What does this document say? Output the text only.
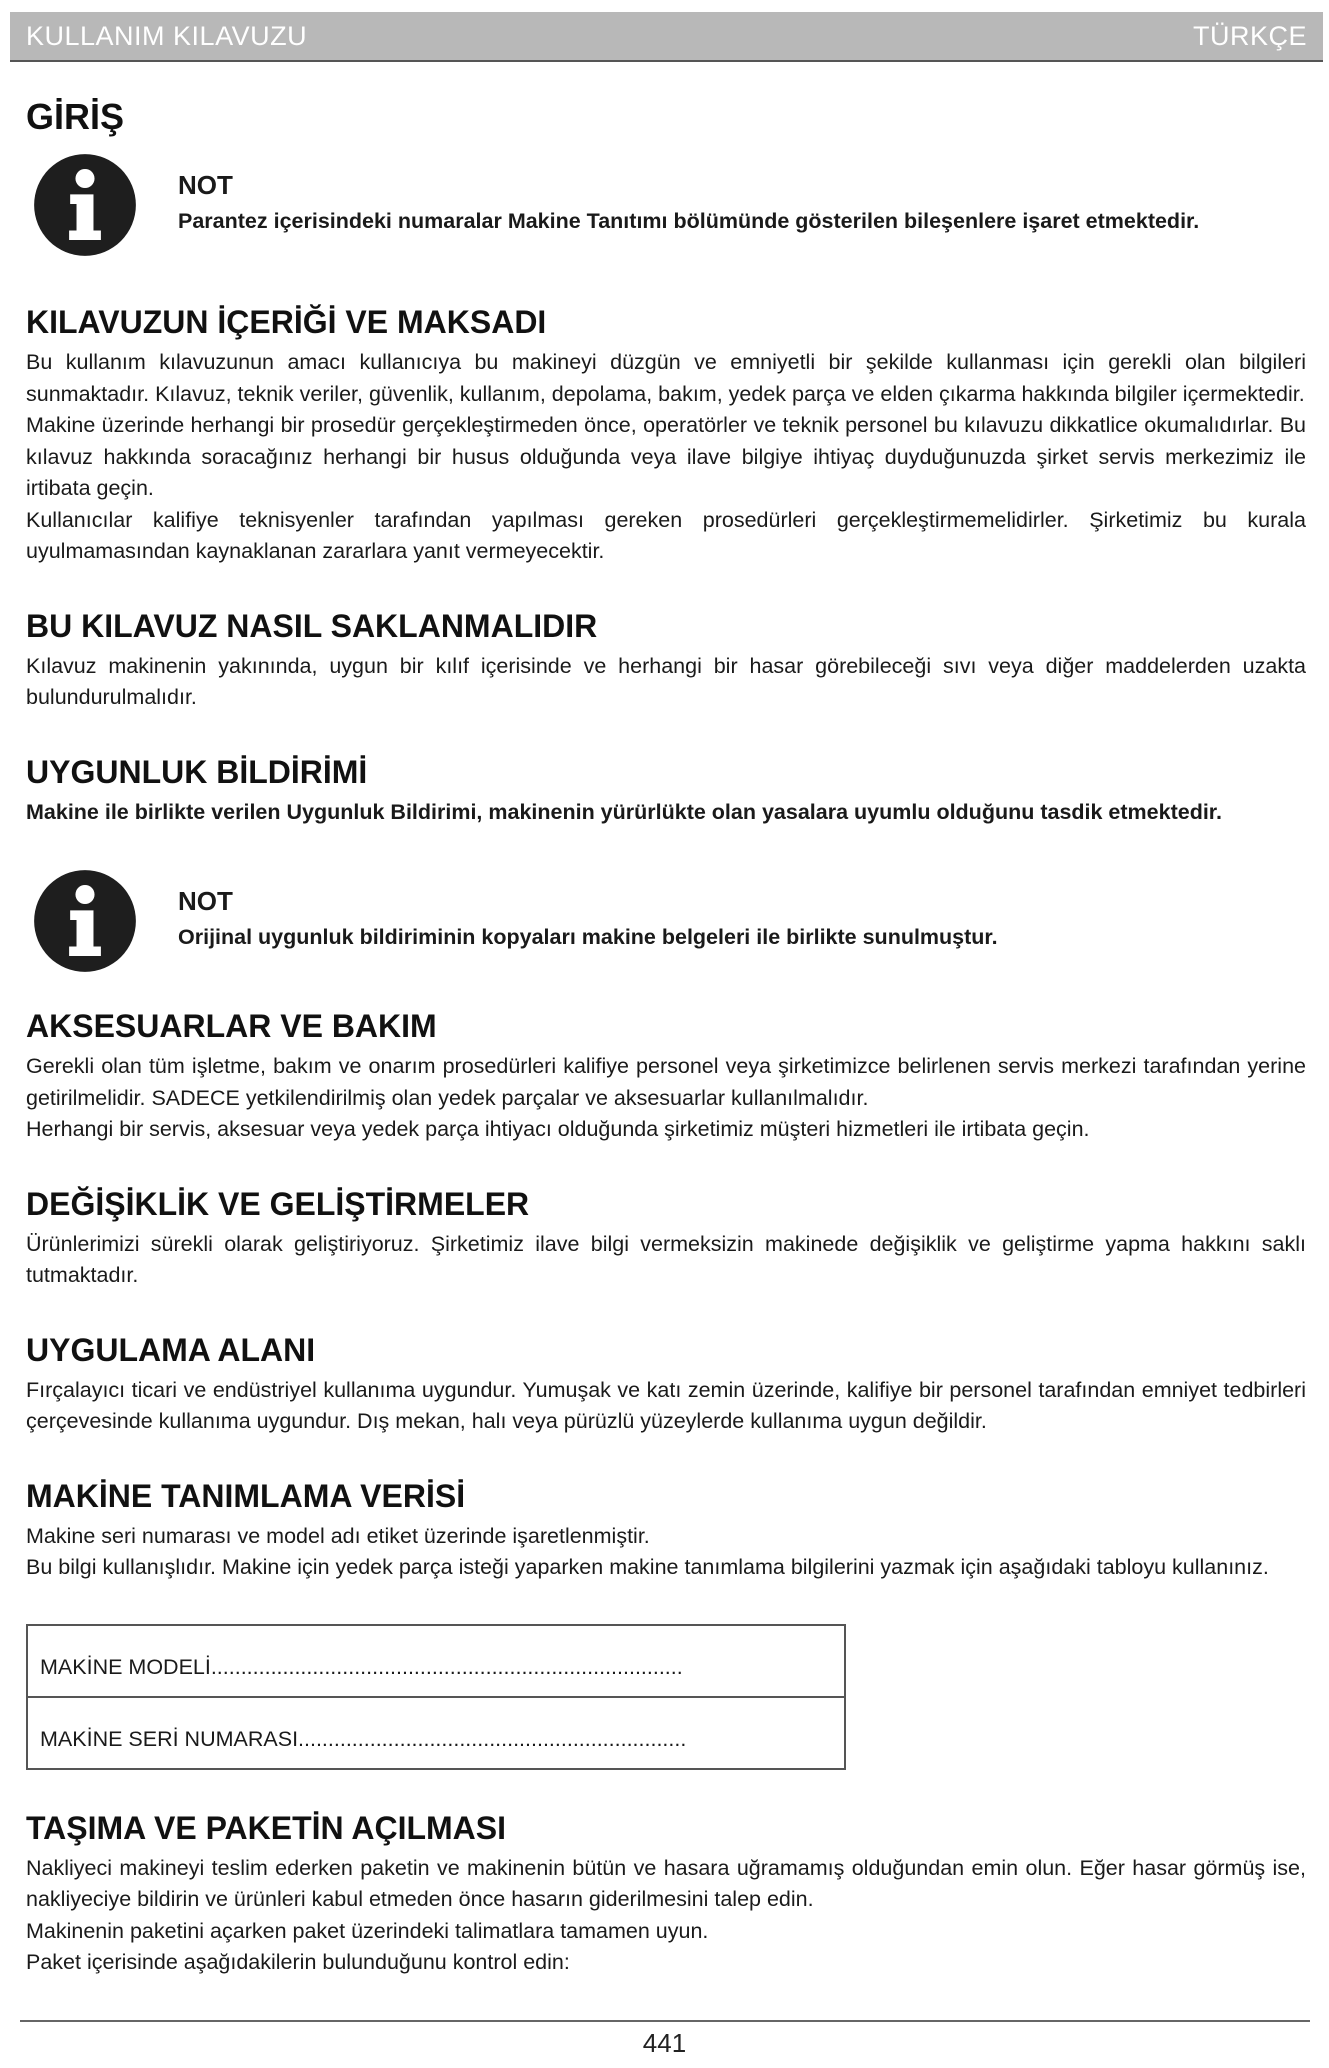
KULLANIM KILAVUZU	TÜRKÇE
GİRİŞ
NOT
Parantez içerisindeki numaralar Makine Tanıtımı bölümünde gösterilen bileşenlere işaret etmektedir.
KILAVUZUN İÇERİĞİ VE MAKSADI

Bu kullanım kılavuzunun amacı kullanıcıya bu makineyi düzgün ve emniyetli bir şekilde kullanması için gerekli olan bilgileri sunmaktadır. Kılavuz, teknik veriler, güvenlik, kullanım, depolama, bakım, yedek parça ve elden çıkarma hakkında bilgiler içermektedir.

Makine üzerinde herhangi bir prosedür gerçekleştirmeden önce, operatörler ve teknik personel bu kılavuzu dikkatlice okumalıdırlar. Bu kılavuz hakkında soracağınız herhangi bir husus olduğunda veya ilave bilgiye ihtiyaç duyduğunuzda şirket servis merkezimiz ile irtibata geçin.

Kullanıcılar kalifiye teknisyenler tarafından yapılması gereken prosedürleri gerçekleştirmemelidirler. Şirketimiz bu kurala uyulmamasından kaynaklanan zararlara yanıt vermeyecektir.

BU KILAVUZ NASIL SAKLANMALIDIR

Kılavuz makinenin yakınında, uygun bir kılıf içerisinde ve herhangi bir hasar görebileceği sıvı veya diğer maddelerden uzakta bulundurulmalıdır.

UYGUNLUK BİLDİRİMİ

Makine ile birlikte verilen Uygunluk Bildirimi, makinenin yürürlükte olan yasalara uyumlu olduğunu tasdik etmektedir.

NOT
Orijinal uygunluk bildiriminin kopyaları makine belgeleri ile birlikte sunulmuştur.
AKSESUARLAR VE BAKIM

Gerekli olan tüm işletme, bakım ve onarım prosedürleri kalifiye personel veya şirketimizce belirlenen servis merkezi tarafından yerine getirilmelidir. SADECE yetkilendirilmiş olan yedek parçalar ve aksesuarlar kullanılmalıdır.

Herhangi bir servis, aksesuar veya yedek parça ihtiyacı olduğunda şirketimiz müşteri hizmetleri ile irtibata geçin.

DEĞİŞİKLİK VE GELİŞTİRMELER

Ürünlerimizi sürekli olarak geliştiriyoruz. Şirketimiz ilave bilgi vermeksizin makinede değişiklik ve geliştirme yapma hakkını saklı tutmaktadır.

UYGULAMA ALANI

Fırçalayıcı ticari ve endüstriyel kullanıma uygundur. Yumuşak ve katı zemin üzerinde, kalifiye bir personel tarafından emniyet tedbirleri çerçevesinde kullanıma uygundur. Dış mekan, halı veya pürüzlü yüzeylerde kullanıma uygun değildir.

MAKİNE TANIMLAMA VERİSİ

Makine seri numarası ve model adı etiket üzerinde işaretlenmiştir.

Bu bilgi kullanışlıdır. Makine için yedek parça isteği yaparken makine tanımlama bilgilerini yazmak için aşağıdaki tabloyu kullanınız.

MAKİNE MODELİ...............................................................................
MAKİNE SERİ NUMARASI.................................................................
TAŞIMA VE PAKETİN AÇILMASI

Nakliyeci makineyi teslim ederken paketin ve makinenin bütün ve hasara uğramamış olduğundan emin olun. Eğer hasar görmüş ise, nakliyeciye bildirin ve ürünleri kabul etmeden önce hasarın giderilmesini talep edin.

Makinenin paketini açarken paket üzerindeki talimatlara tamamen uyun.

Paket içerisinde aşağıdakilerin bulunduğunu kontrol edin:

441
